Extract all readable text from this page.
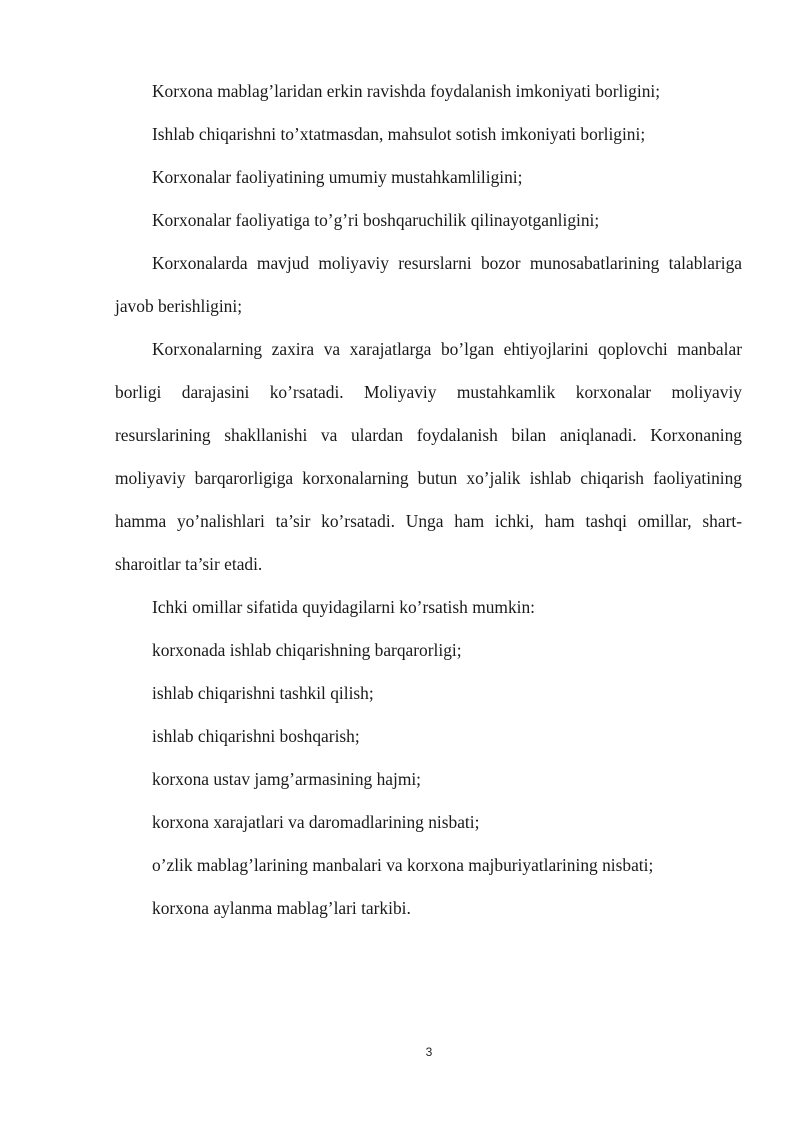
Korxona mablag’laridan erkin ravishda foydalanish imkoniyati borligini;

Ishlab chiqarishni to’xtatmasdan, mahsulot sotish imkoniyati borligini;

Korxonalar faoliyatining umumiy mustahkamliligini;

Korxonalar faoliyatiga to’g’ri boshqaruchilik qilinayotganligini;

Korxonalarda mavjud moliyaviy resurslarni bozor munosabatlarining talablariga javob berishligini;

Korxonalarning zaxira va xarajatlarga bo’lgan ehtiyojlarini qoplovchi manbalar borligi darajasini ko’rsatadi. Moliyaviy mustahkamlik korxonalar moliyaviy resurslarining shakllanishi va ulardan foydalanish bilan aniqlanadi. Korxonaning moliyaviy barqarorligiga korxonalarning butun xo’jalik ishlab chiqarish faoliyatining hamma yo’nalishlari ta’sir ko’rsatadi. Unga ham ichki, ham tashqi omillar, shart-sharoitlar ta’sir etadi.

Ichki omillar sifatida quyidagilarni ko’rsatish mumkin:

korxonada ishlab chiqarishning barqarorligi;

ishlab chiqarishni tashkil qilish;

ishlab chiqarishni boshqarish;

korxona ustav jamg’armasining hajmi;

korxona xarajatlari va daromadlarining nisbati;

o’zlik mablag’larining manbalari va korxona majburiyatlarining nisbati;

korxona aylanma mablag’lari tarkibi.

3
